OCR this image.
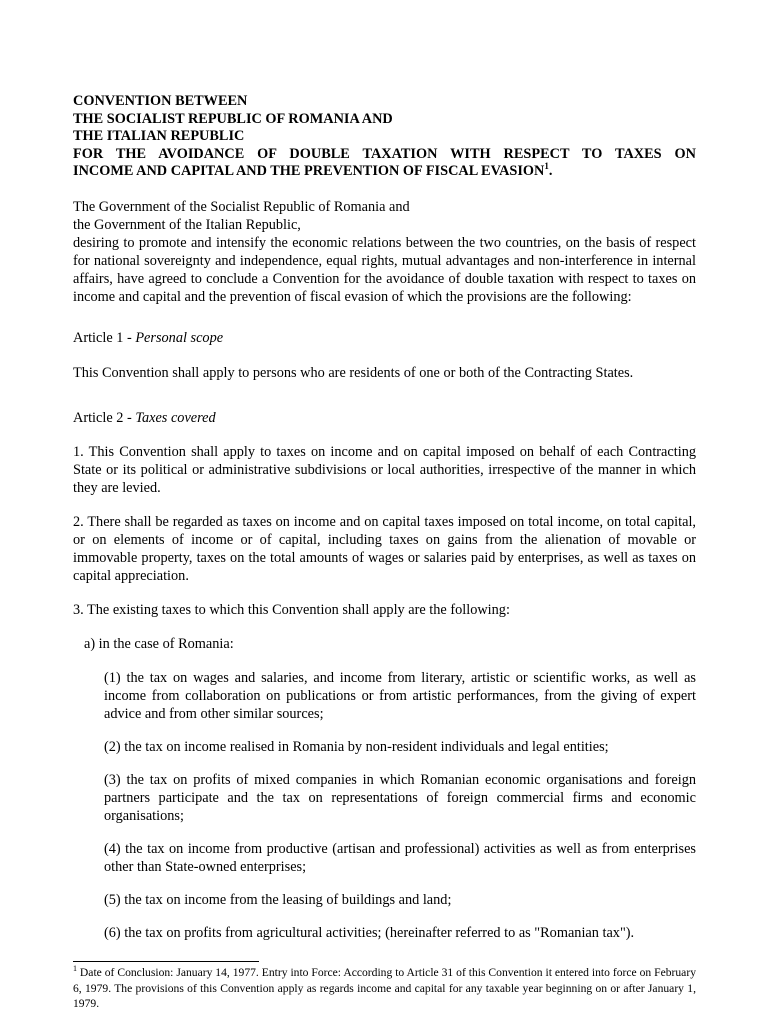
CONVENTION BETWEEN
THE SOCIALIST REPUBLIC OF ROMANIA AND
THE ITALIAN REPUBLIC
FOR THE AVOIDANCE OF DOUBLE TAXATION WITH RESPECT TO TAXES ON
INCOME AND CAPITAL AND THE PREVENTION OF FISCAL EVASION$^1$.

The Government of the Socialist Republic of Romania and
the Government of the Italian Republic,

desiring to promote and intensify the economic relations between the two countries, on the basis of respect for national sovereignty and independence, equal rights, mutual advantages and non-interference in internal affairs, have agreed to conclude a Convention for the avoidance of double taxation with respect to taxes on income and capital and the prevention of fiscal evasion of which the provisions are the following:

Article 1 - Personal scope

This Convention shall apply to persons who are residents of one or both of the Contracting States.

Article 2 - Taxes covered

1. This Convention shall apply to taxes on income and on capital imposed on behalf of each Contracting State or its political or administrative subdivisions or local authorities, irrespective of the manner in which they are levied.

2. There shall be regarded as taxes on income and on capital taxes imposed on total income, on total capital, or on elements of income or of capital, including taxes on gains from the alienation of movable or immovable property, taxes on the total amounts of wages or salaries paid by enterprises, as well as taxes on capital appreciation.

3. The existing taxes to which this Convention shall apply are the following:

a) in the case of Romania:

(1) the tax on wages and salaries, and income from literary, artistic or scientific works, as well as income from collaboration on publications or from artistic performances, from the giving of expert advice and from other similar sources;

(2) the tax on income realised in Romania by non-resident individuals and legal entities;

(3) the tax on profits of mixed companies in which Romanian economic organisations and foreign partners participate and the tax on representations of foreign commercial firms and economic organisations;

(4) the tax on income from productive (artisan and professional) activities as well as from enterprises other than State-owned enterprises;

(5) the tax on income from the leasing of buildings and land;

(6) the tax on profits from agricultural activities; (hereinafter referred to as "Romanian tax").

$^1$ Date of Conclusion: January 14, 1977. Entry into Force: According to Article 31 of this Convention it entered into force on February 6, 1979. The provisions of this Convention apply as regards income and capital for any taxable year beginning on or after January 1, 1979.
